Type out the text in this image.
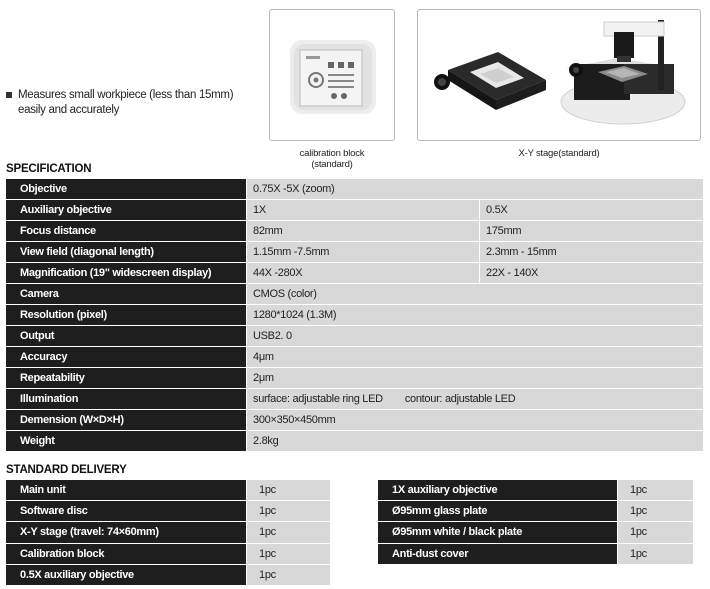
Measures small workpiece (less than 15mm) easily and accurately
calibration block
(standard)
X-Y stage(standard)
SPECIFICATION
Objective	0.75X -5X (zoom)	
Auxiliary objective	1X	0.5X
Focus distance	82mm	175mm
View field (diagonal length)	1.15mm -7.5mm	2.3mm - 15mm
Magnification (19" widescreen display)	44X -280X	22X - 140X
Camera	CMOS (color)	
Resolution (pixel)	1280*1024 (1.3M)	
Output	USB2. 0	
Accuracy	4μm	
Repeatability	2μm	
Illumination	surface: adjustable ring LED        contour: adjustable LED	
Demension (W×D×H)	300×350×450mm	
Weight	2.8kg	
STANDARD DELIVERY
Main unit	1pc
Software disc	1pc
X-Y stage (travel: 74×60mm)	1pc
Calibration block	1pc
0.5X auxiliary objective	1pc
1X auxiliary objective	1pc
Ø95mm glass plate	1pc
Ø95mm white / black plate	1pc
Anti-dust cover	1pc
